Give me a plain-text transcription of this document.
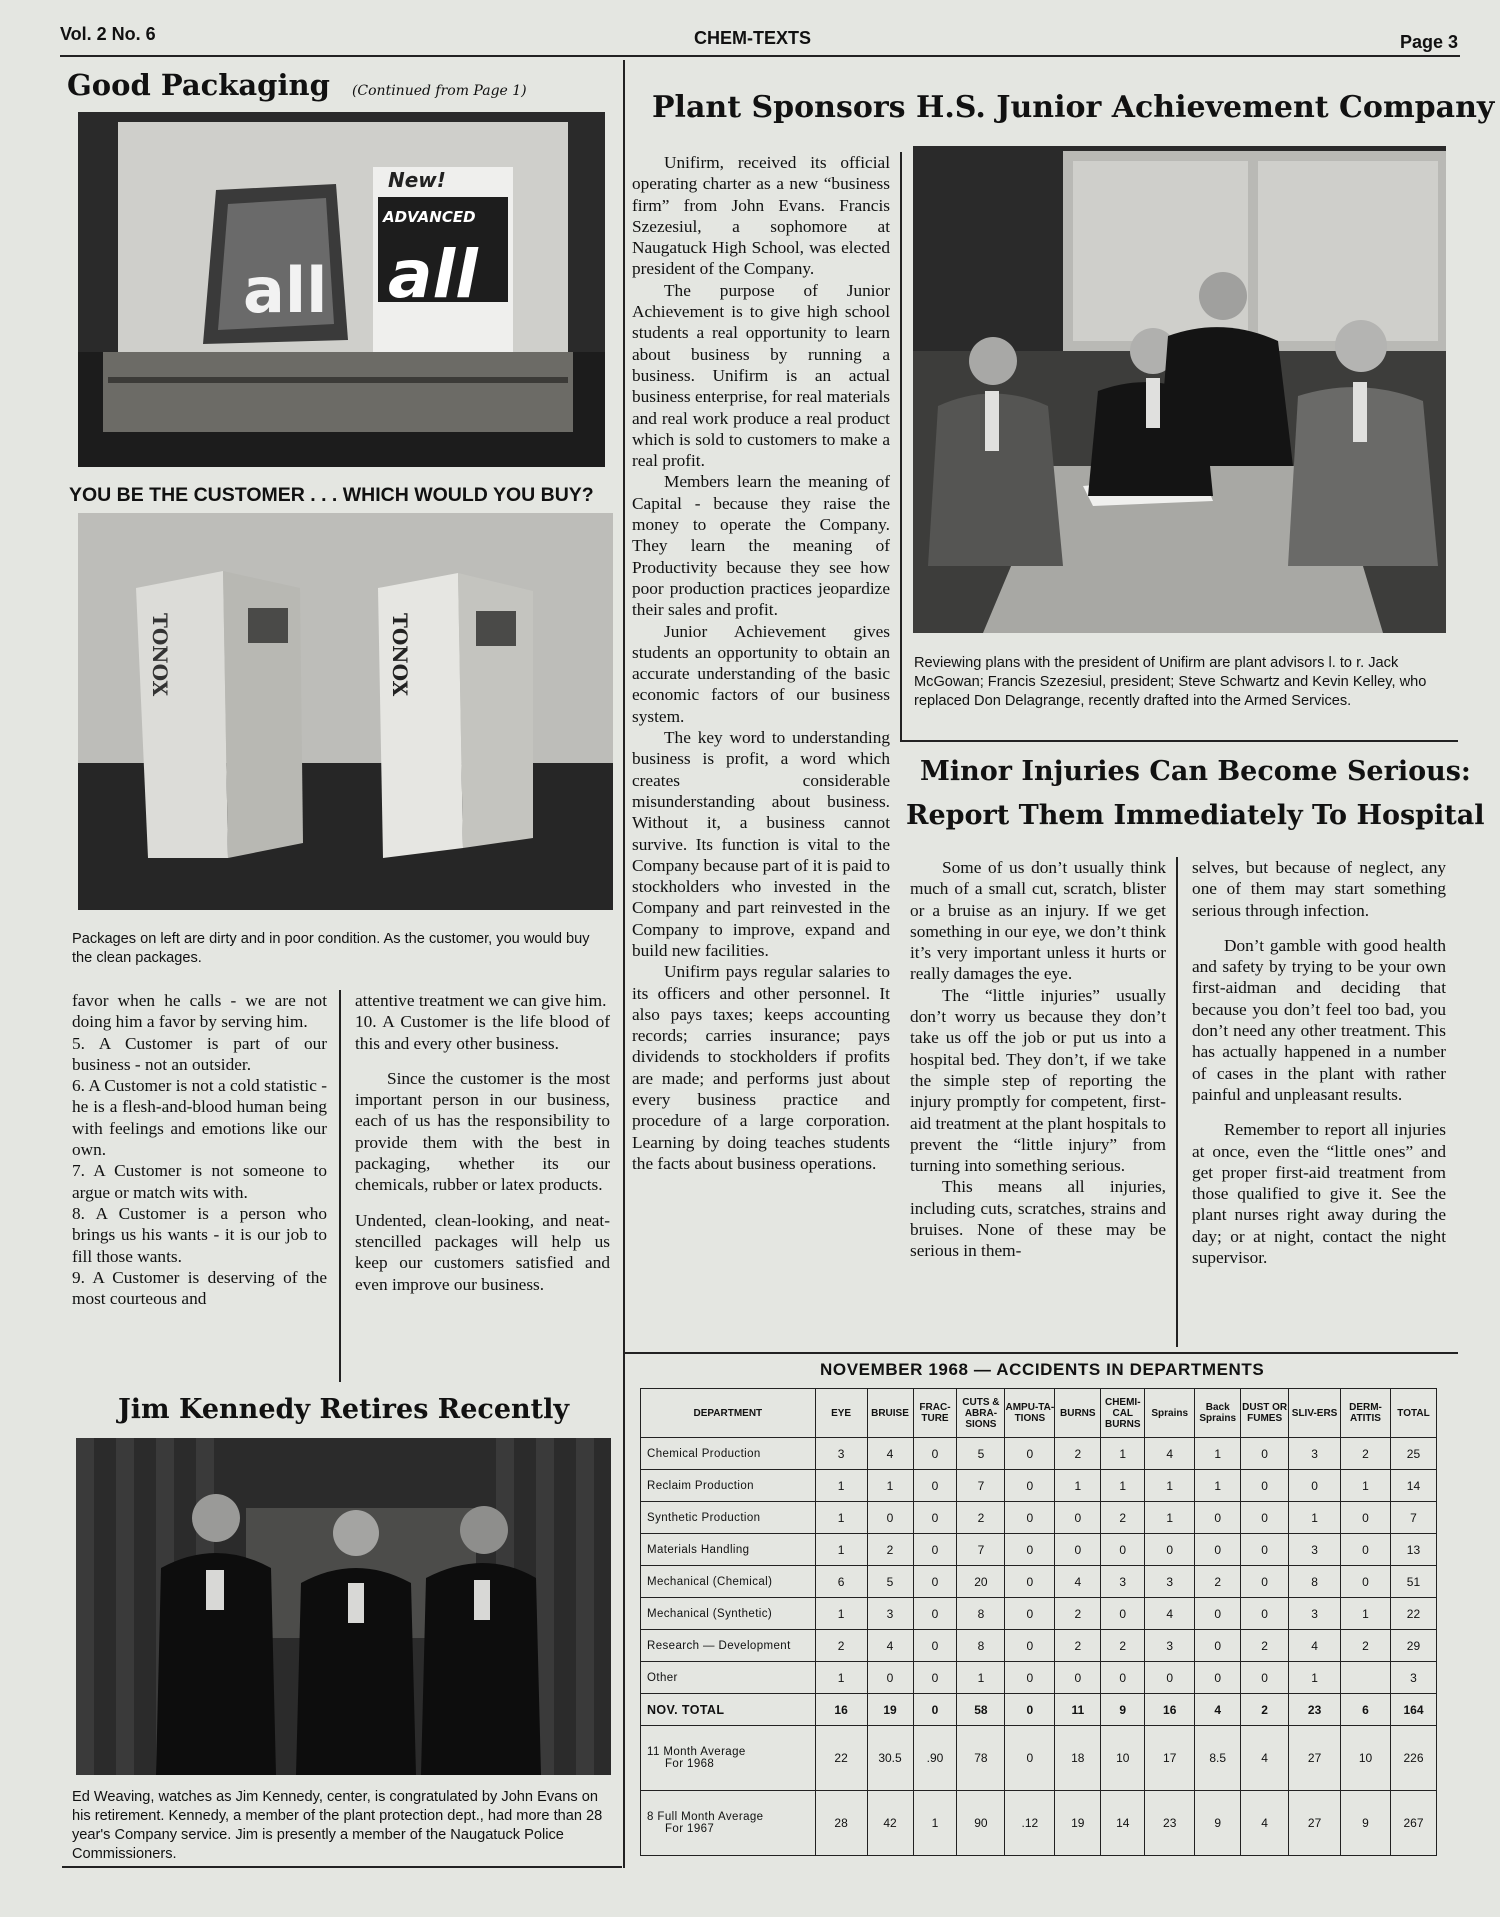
Vol. 2 No. 6	CHEM-TEXTS	Page 3
Good Packaging (Continued from Page 1)
all
New!
ADVANCED
all
YOU BE THE CUSTOMER . . . WHICH WOULD YOU BUY?
TONOX	TONOX
Packages on left are dirty and in poor condition. As the customer, you would buy the clean packages.

favor when he calls - we are not doing him a favor by serving him.

5. A Customer is part of our business - not an outsider.

6. A Customer is not a cold statistic - he is a flesh-and-blood human being with feelings and emotions like our own.

7. A Customer is not someone to argue or match wits with.

8. A Customer is a person who brings us his wants - it is our job to fill those wants.

9. A Customer is deserving of the most courteous and

attentive treatment we can give him.

10. A Customer is the life blood of this and every other business.

Since the customer is the most important person in our business, each of us has the responsibility to provide them with the best in packaging, whether its our chemicals, rubber or latex products.

Undented, clean-looking, and neat-stencilled packages will help us keep our customers satisfied and even improve our business.

Jim Kennedy Retires Recently
Ed Weaving, watches as Jim Kennedy, center, is congratulated by John Evans on his retirement. Kennedy, a member of the plant protection dept., had more than 28 year's Company service. Jim is presently a member of the Naugatuck Police Commissioners.
Plant Sponsors H.S. Junior Achievement Company

Unifirm, received its official operating charter as a new “business firm” from John Evans. Francis Szezesiul, a sophomore at Naugatuck High School, was elected president of the Company.

The purpose of Junior Achievement is to give high school students a real opportunity to learn about business by running a business. Unifirm is an actual business enterprise, for real materials and real work produce a real product which is sold to customers to make a real profit.

Members learn the meaning of Capital - because they raise the money to operate the Company. They learn the meaning of Productivity because they see how poor production practices jeopardize their sales and profit.

Junior Achievement gives students an opportunity to obtain an accurate understanding of the basic economic factors of our business system.

The key word to understanding business is profit, a word which creates considerable misunderstanding about business. Without it, a business cannot survive. Its function is vital to the Company because part of it is paid to stockholders who invested in the Company and part reinvested in the Company to improve, expand and build new facilities.

Unifirm pays regular salaries to its officers and other personnel. It also pays taxes; keeps accounting records; carries insurance; pays dividends to stockholders if profits are made; and performs just about every business practice and procedure of a large corporation. Learning by doing teaches students the facts about business operations.

Reviewing plans with the president of Unifirm are plant advisors l. to r. Jack McGowan; Francis Szezesiul, president; Steve Schwartz and Kevin Kelley, who replaced Don Delagrange, recently drafted into the Armed Services.
Minor Injuries Can Become Serious:
Report Them Immediately To Hospital

Some of us don’t usually think much of a small cut, scratch, blister or a bruise as an injury. If we get something in our eye, we don’t think it’s very important unless it hurts or really damages the eye.

The “little injuries” usually don’t worry us because they don’t take us off the job or put us into a hospital bed. They don’t, if we take the simple step of reporting the injury promptly for competent, first-aid treatment at the plant hospitals to prevent the “little injury” from turning into something serious.

This means all injuries, including cuts, scratches, strains and bruises. None of these may be serious in them-

selves, but because of neglect, any one of them may start something serious through infection.

Don’t gamble with good health and safety by trying to be your own first-aidman and deciding that because you don’t feel too bad, you don’t need any other treatment. This has actually happened in a number of cases in the plant with rather painful and unpleasant results.

Remember to report all injuries at once, even the “little ones” and get proper first-aid treatment from those qualified to give it. See the plant nurses right away during the day; or at night, contact the night supervisor.

NOVEMBER 1968 — ACCIDENTS IN DEPARTMENTS
DEPARTMENT	EYE	BRUISE	FRAC-TURE	CUTS & ABRA-SIONS	AMPU-TA-TIONS	BURNS	CHEMI-CAL BURNS	Sprains	Back Sprains	DUST OR FUMES	SLIV-ERS	DERM-ATITIS	TOTAL
Chemical Production	3	4	0	5	0	2	1	4	1	0	3	2	25
Reclaim Production	1	1	0	7	0	1	1	1	1	0	0	1	14
Synthetic Production	1	0	0	2	0	0	2	1	0	0	1	0	7
Materials Handling	1	2	0	7	0	0	0	0	0	0	3	0	13
Mechanical (Chemical)	6	5	0	20	0	4	3	3	2	0	8	0	51
Mechanical (Synthetic)	1	3	0	8	0	2	0	4	0	0	3	1	22
Research — Development	2	4	0	8	0	2	2	3	0	2	4	2	29
Other	1	0	0	1	0	0	0	0	0	0	1		3
NOV. TOTAL	16	19	0	58	0	11	9	16	4	2	23	6	164

11 Month Average
For 1968	22	30.5	.90	78	0	18	10	17	8.5	4	27	10	226

8 Full Month Average
For 1967	28	42	1	90	.12	19	14	23	9	4	27	9	267
